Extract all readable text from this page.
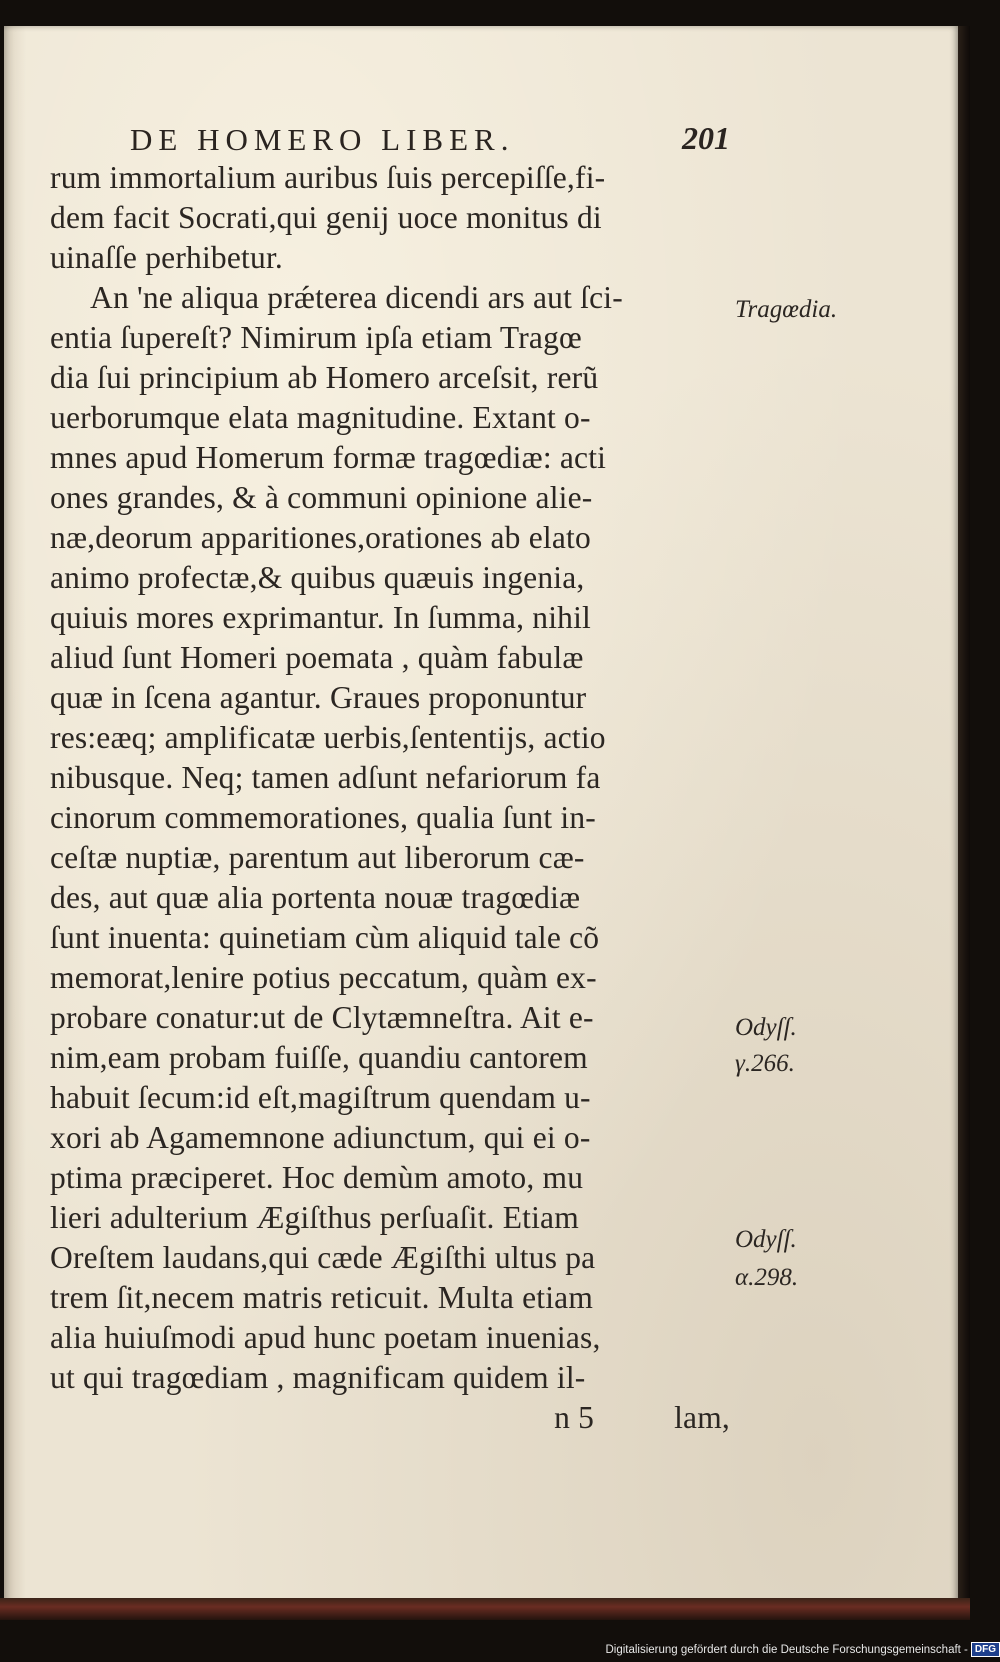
DE HOMERO LIBER.	201
rum immortalium auribus ſuis percepiſſe,fi-
dem facit Socrati,qui genij uoce monitus di
uinaſſe perhibetur.
An 'ne aliqua prǽterea dicendi ars aut ſci-
entia ſupereſt? Nimirum ipſa etiam Tragœ
dia ſui principium ab Homero arceſsit, rerũ
uerborumque elata magnitudine. Extant o-
mnes apud Homerum formæ tragœdiæ: acti
ones grandes, & à communi opinione alie-
næ,deorum apparitiones,orationes ab elato
animo profectæ,& quibus quæuis ingenia,
quiuis mores exprimantur. In ſumma, nihil
aliud ſunt Homeri poemata , quàm fabulæ
quæ in ſcena agantur. Graues proponuntur
res:eæq; amplificatæ uerbis,ſententijs, actio
nibusque. Neq; tamen adſunt nefariorum fa
cinorum commemorationes, qualia ſunt in-
ceſtæ nuptiæ, parentum aut liberorum cæ-
des, aut quæ alia portenta nouæ tragœdiæ
ſunt inuenta: quinetiam cùm aliquid tale cõ
memorat,lenire potius peccatum, quàm ex-
probare conatur:ut de Clytæmneſtra. Ait e-
nim,eam probam fuiſſe, quandiu cantorem
habuit ſecum:id eſt,magiſtrum quendam u-
xori ab Agamemnone adiunctum, qui ei o-
ptima præciperet. Hoc demùm amoto, mu
lieri adulterium Ægiſthus perſuaſit. Etiam
Oreſtem laudans,qui cæde Ægiſthi ultus pa
trem ſit,necem matris reticuit. Multa etiam
alia huiuſmodi apud hunc poetam inuenias,
ut qui tragœdiam , magnificam quidem il-
n 5	lam,
Tragœdia.
Odyſſ.
γ.266.
Odyſſ.
α.298.
Digitalisierung gefördert durch die Deutsche Forschungsgemeinschaft - DFG
